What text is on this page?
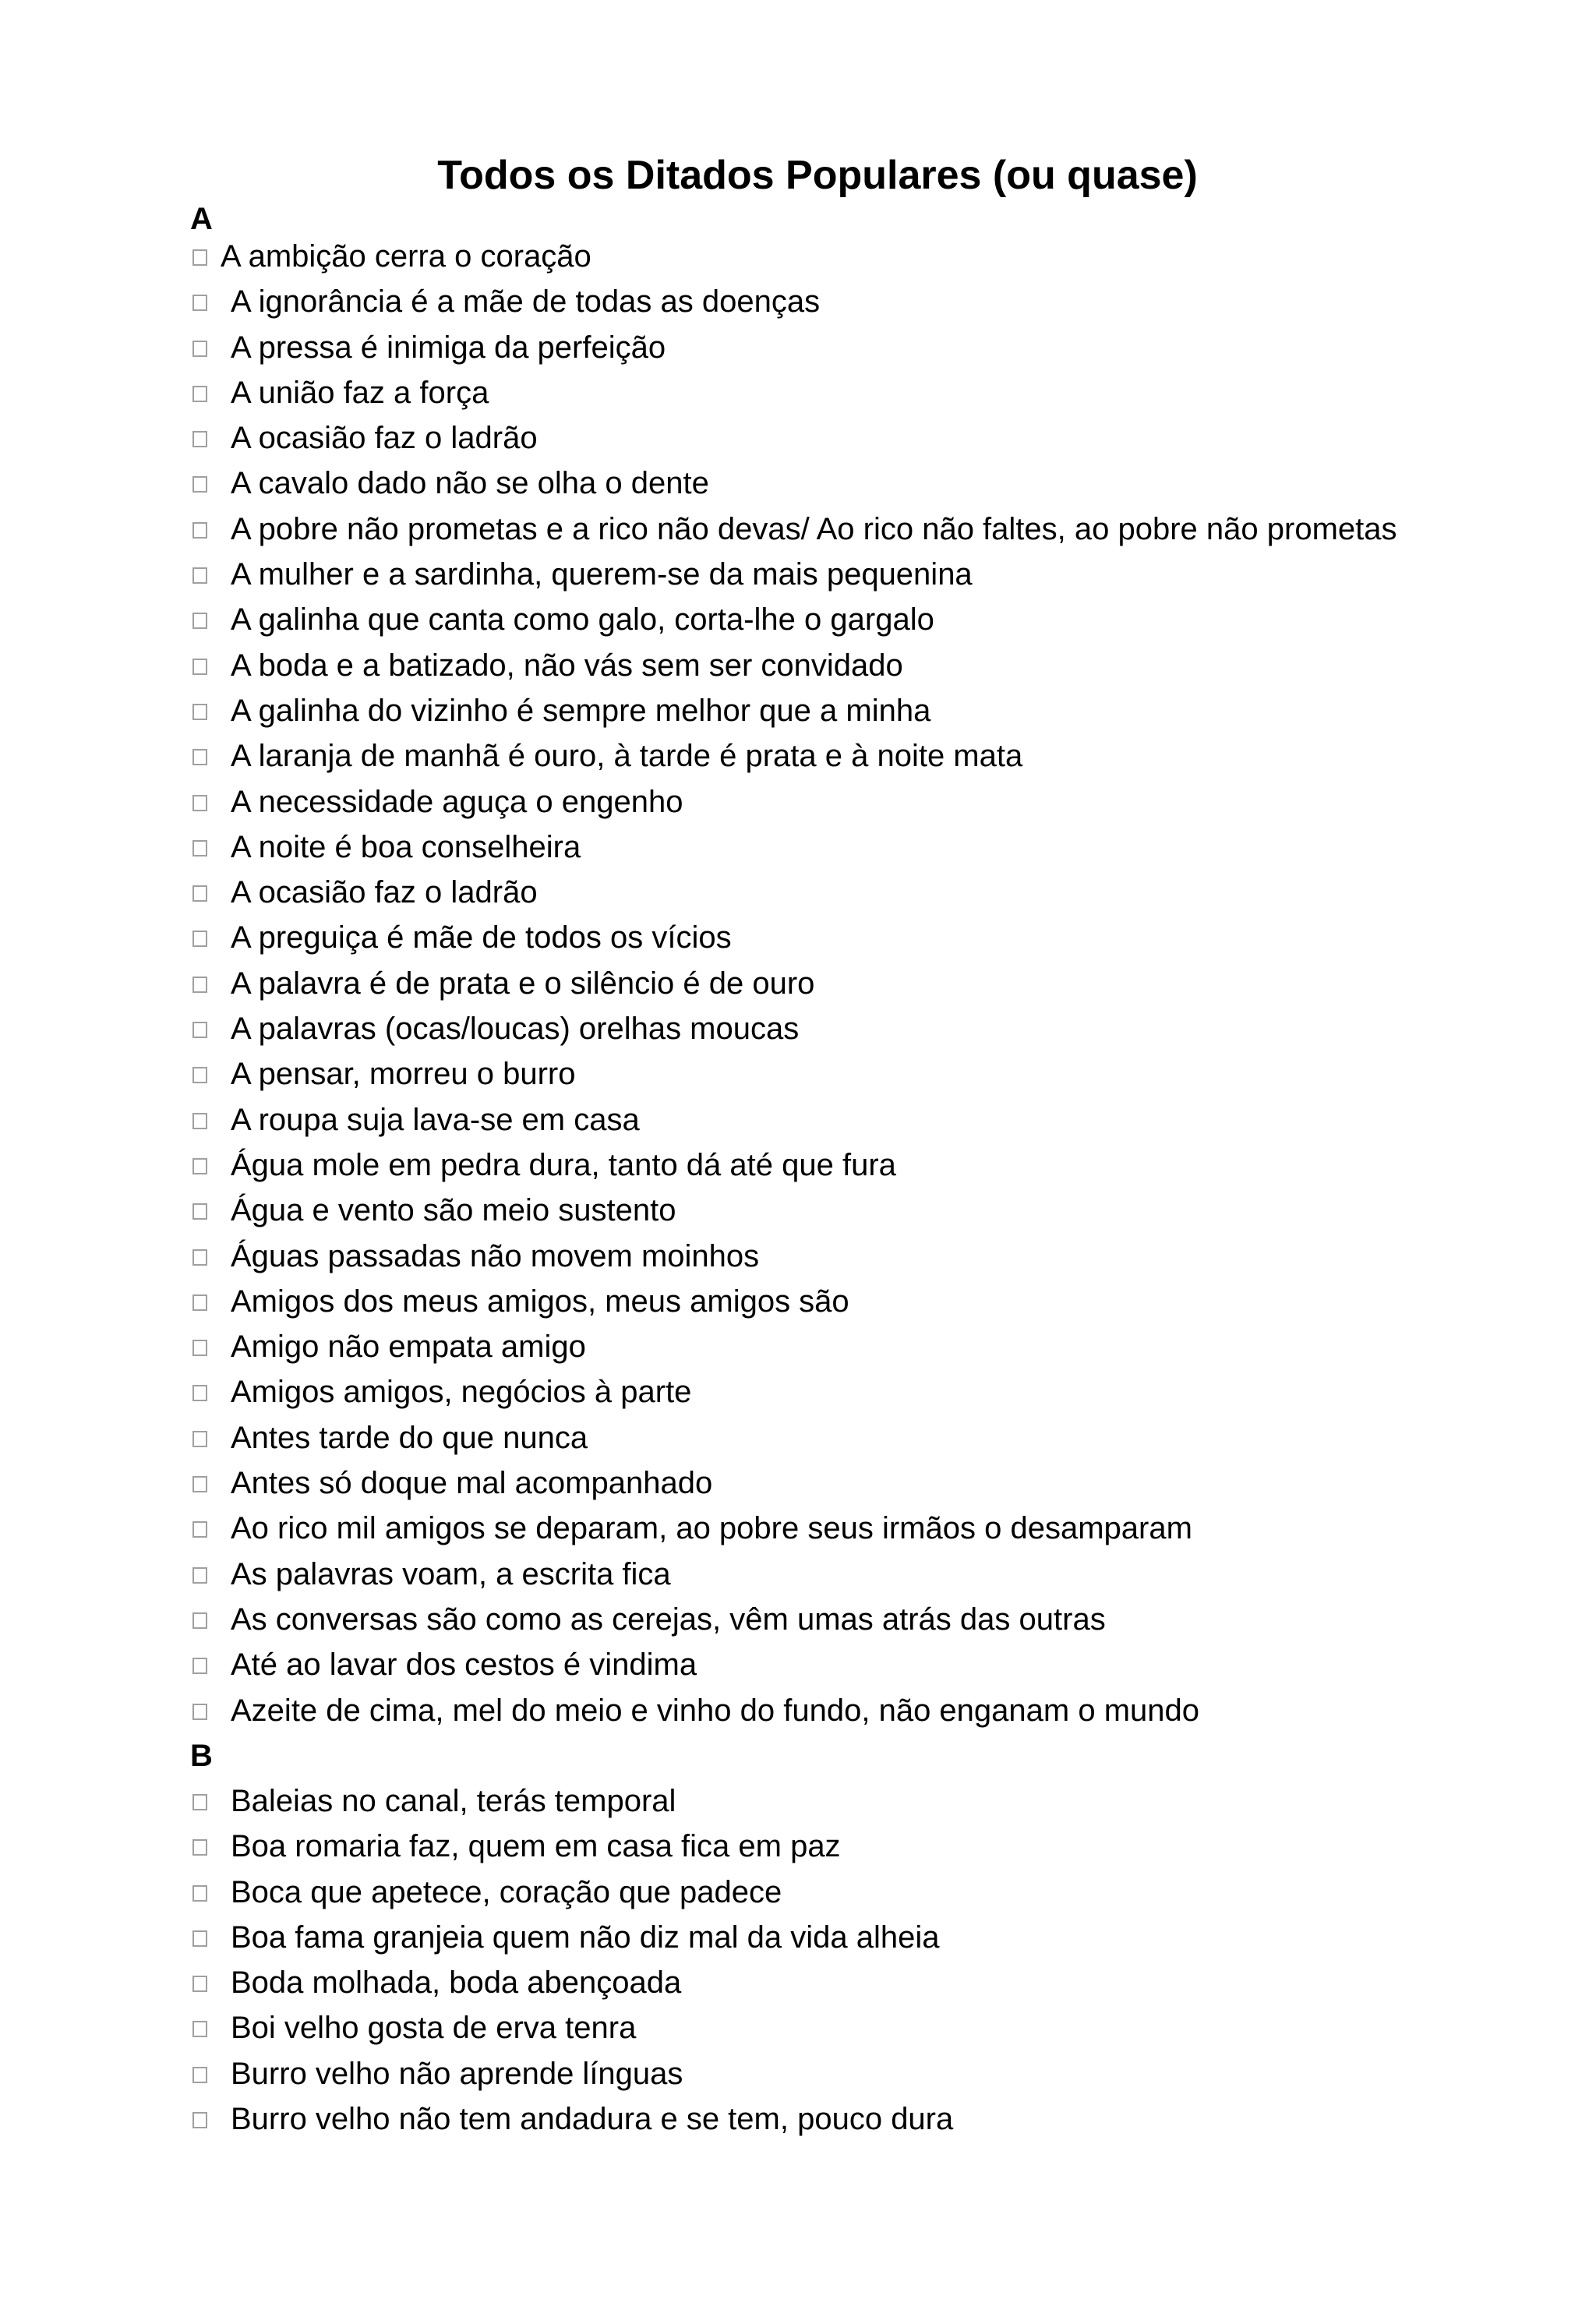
Todos os Ditados Populares (ou quase)
A
A ambição cerra o coração
A ignorância é a mãe de todas as doenças
A pressa é inimiga da perfeição
A união faz a força
A ocasião faz o ladrão
A cavalo dado não se olha o dente
A pobre não prometas e a rico não devas/ Ao rico não faltes, ao pobre não prometas
A mulher e a sardinha, querem-se da mais pequenina
A galinha que canta como galo, corta-lhe o gargalo
A boda e a batizado, não vás sem ser convidado
A galinha do vizinho é sempre melhor que a minha
A laranja de manhã é ouro, à tarde é prata e à noite mata
A necessidade aguça o engenho
A noite é boa conselheira
A ocasião faz o ladrão
A preguiça é mãe de todos os vícios
A palavra é de prata e o silêncio é de ouro
A palavras (ocas/loucas) orelhas moucas
A pensar, morreu o burro
A roupa suja lava-se em casa
Água mole em pedra dura, tanto dá até que fura
Água e vento são meio sustento
Águas passadas não movem moinhos
Amigos dos meus amigos, meus amigos são
Amigo não empata amigo
Amigos amigos, negócios à parte
Antes tarde do que nunca
Antes só doque mal acompanhado
Ao rico mil amigos se deparam, ao pobre seus irmãos o desamparam
As palavras voam, a escrita fica
As conversas são como as cerejas, vêm umas atrás das outras
Até ao lavar dos cestos é vindima
Azeite de cima, mel do meio e vinho do fundo, não enganam o mundo
B
Baleias no canal, terás temporal
Boa romaria faz, quem em casa fica em paz
Boca que apetece, coração que padece
Boa fama granjeia quem não diz mal da vida alheia
Boda molhada, boda abençoada
Boi velho gosta de erva tenra
Burro velho não aprende línguas
Burro velho não tem andadura e se tem, pouco dura
